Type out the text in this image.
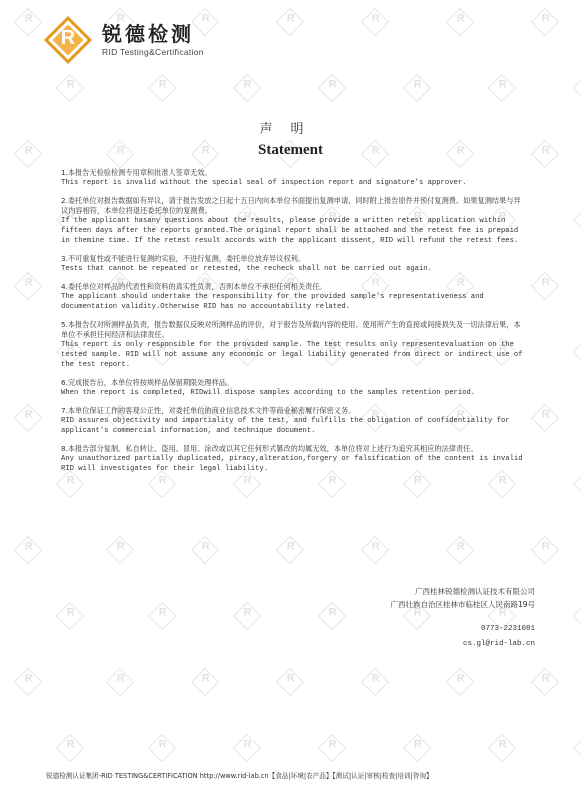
R
R
R
R
R
R
R
R
R
R
R
R
R
R
R
R
R
R
R
R
R
R
R
R
R
R
R
R
R
R
R
R
R
R
R
R
R
R
R
R
R
R
R
R
R
R
R
R
R
R
R
R
R
R
R
R
R
R
R
R
R
R
R
R
R
R
R
R
R
R
R
R
R
R
R
R
R
R
R
R
R
R
R
R
R	锐德检测
RID Testing&Certification
声明
Statement
1.本报告无检验检测专用章和批准人签章无效。
This report is invalid without the special seal of inspection report and signature's approver.
2.委托单位对报告数据如有异议，请于报告发放之日起十五日内向本单位书面提出复测申请，同时附上报告原件并预付复测费。如果复测结果与异议内容相符，本单位将退还委托单位的复测费。
If the applicant hasany questions about the results, please provide a written retest application within fifteen days after the reports granted.The original report shall be attached and the retest fee is prepaid in themine time. If the retest result accords with the applicant dissent, RID will refund the retest fees.
3.不可重复性或不能进行复测的实验，不进行复测，委托单位放弃异议权利。
Tests that cannot be repeated or retested, the recheck shall not be carried out again.
4.委托单位对样品的代表性和资料的真实性负责，否则本单位不承担任何相关责任。
The applicant should undertake the responsibility for the provided sample's representativeness and documentation validity.Otherwise RID has no accountability related.
5.本报告仅对所测样品负责，报告数据仅反映对所测样品的评价，对于报告及所载内容的使用、使用所产生的直接或间接损失及一切法律后果，本单位不承担任何经济和法律责任。
This report is only responsible for the provided sample. The test results only representevaluation on the tested sample. RID will not assume any economic or legal liability generated from direct or indirect use of the test report.
6.完成报告后，本单位将按规样品保留期限处理样品。
When the report is completed, RIDwill dispose samples according to the samples retention period.
7.本单位保证工作的客观公正性，对委托单位的商业信息技术文件等商业秘密履行保密义务。
RID assures objectivity and impartiality of the test, and fulfills the obligation of confidentiality for applicant's commercial information, and technique document.
8.本报告部分复制、私自转让、盗用、冒用、涂改或以其它任何形式篡改的均属无效，本单位将对上述行为追究其相应的法律责任。
Any unauthorized partially duplicated, piracy,alteration,forgery or falsification of the content is invalid RID will investigates for their legal liability.
广西桂林锐德检测认证技术有限公司
广西壮族自治区桂林市临桂区人民南路19号
0773-2231081
cs.gl@rid-lab.cn
锐德检测认证集团-RID TESTING&CERTIFICATION http://www.rid-lab.cn【食品|环境|农产品】【测试|认证|审核|检查|培训|咨询】
